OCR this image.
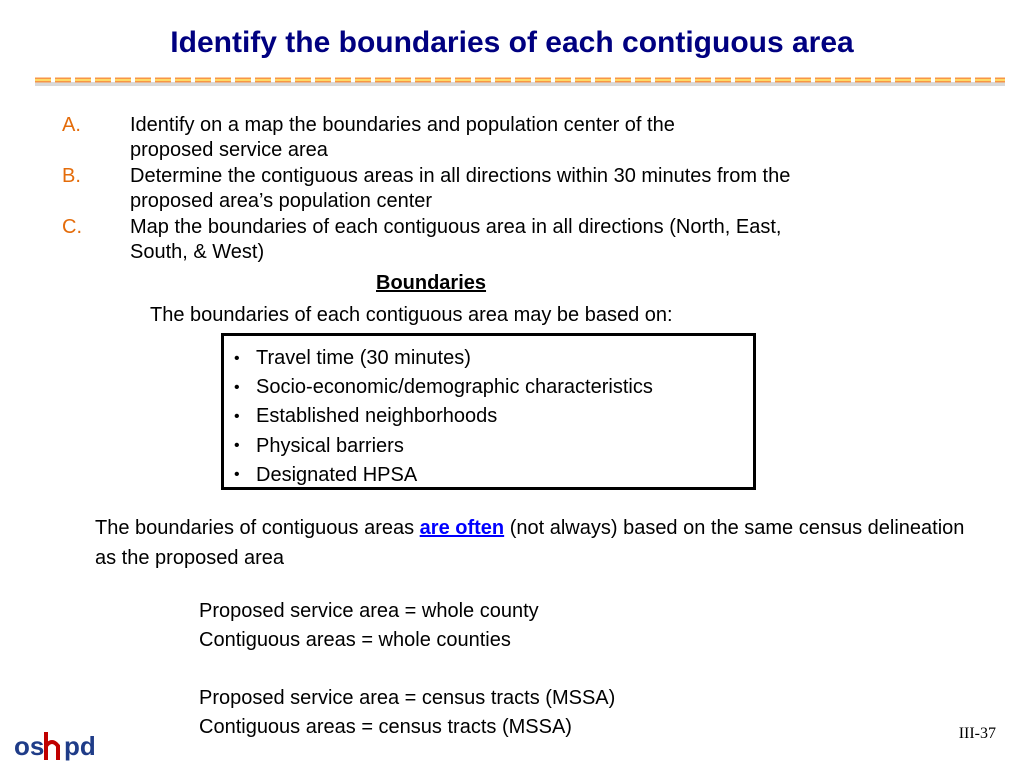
Identify the boundaries of each contiguous area
A. Identify on a map the boundaries and population center of the
proposed service area
B. Determine the contiguous areas in all directions within 30 minutes from the
proposed area’s population center
C. Map the boundaries of each contiguous area in all directions (North, East,
South, & West)
Boundaries
The boundaries of each contiguous area may be based on:
• Travel time (30 minutes)
• Socio-economic/demographic characteristics
• Established neighborhoods
• Physical barriers
• Designated HPSA
The boundaries of contiguous areas are often (not always) based on the same census delineation as the proposed area
Proposed service area = whole county
Contiguous areas = whole counties
Proposed service area = census tracts (MSSA)
Contiguous areas = census tracts (MSSA)
os pd	III-37
